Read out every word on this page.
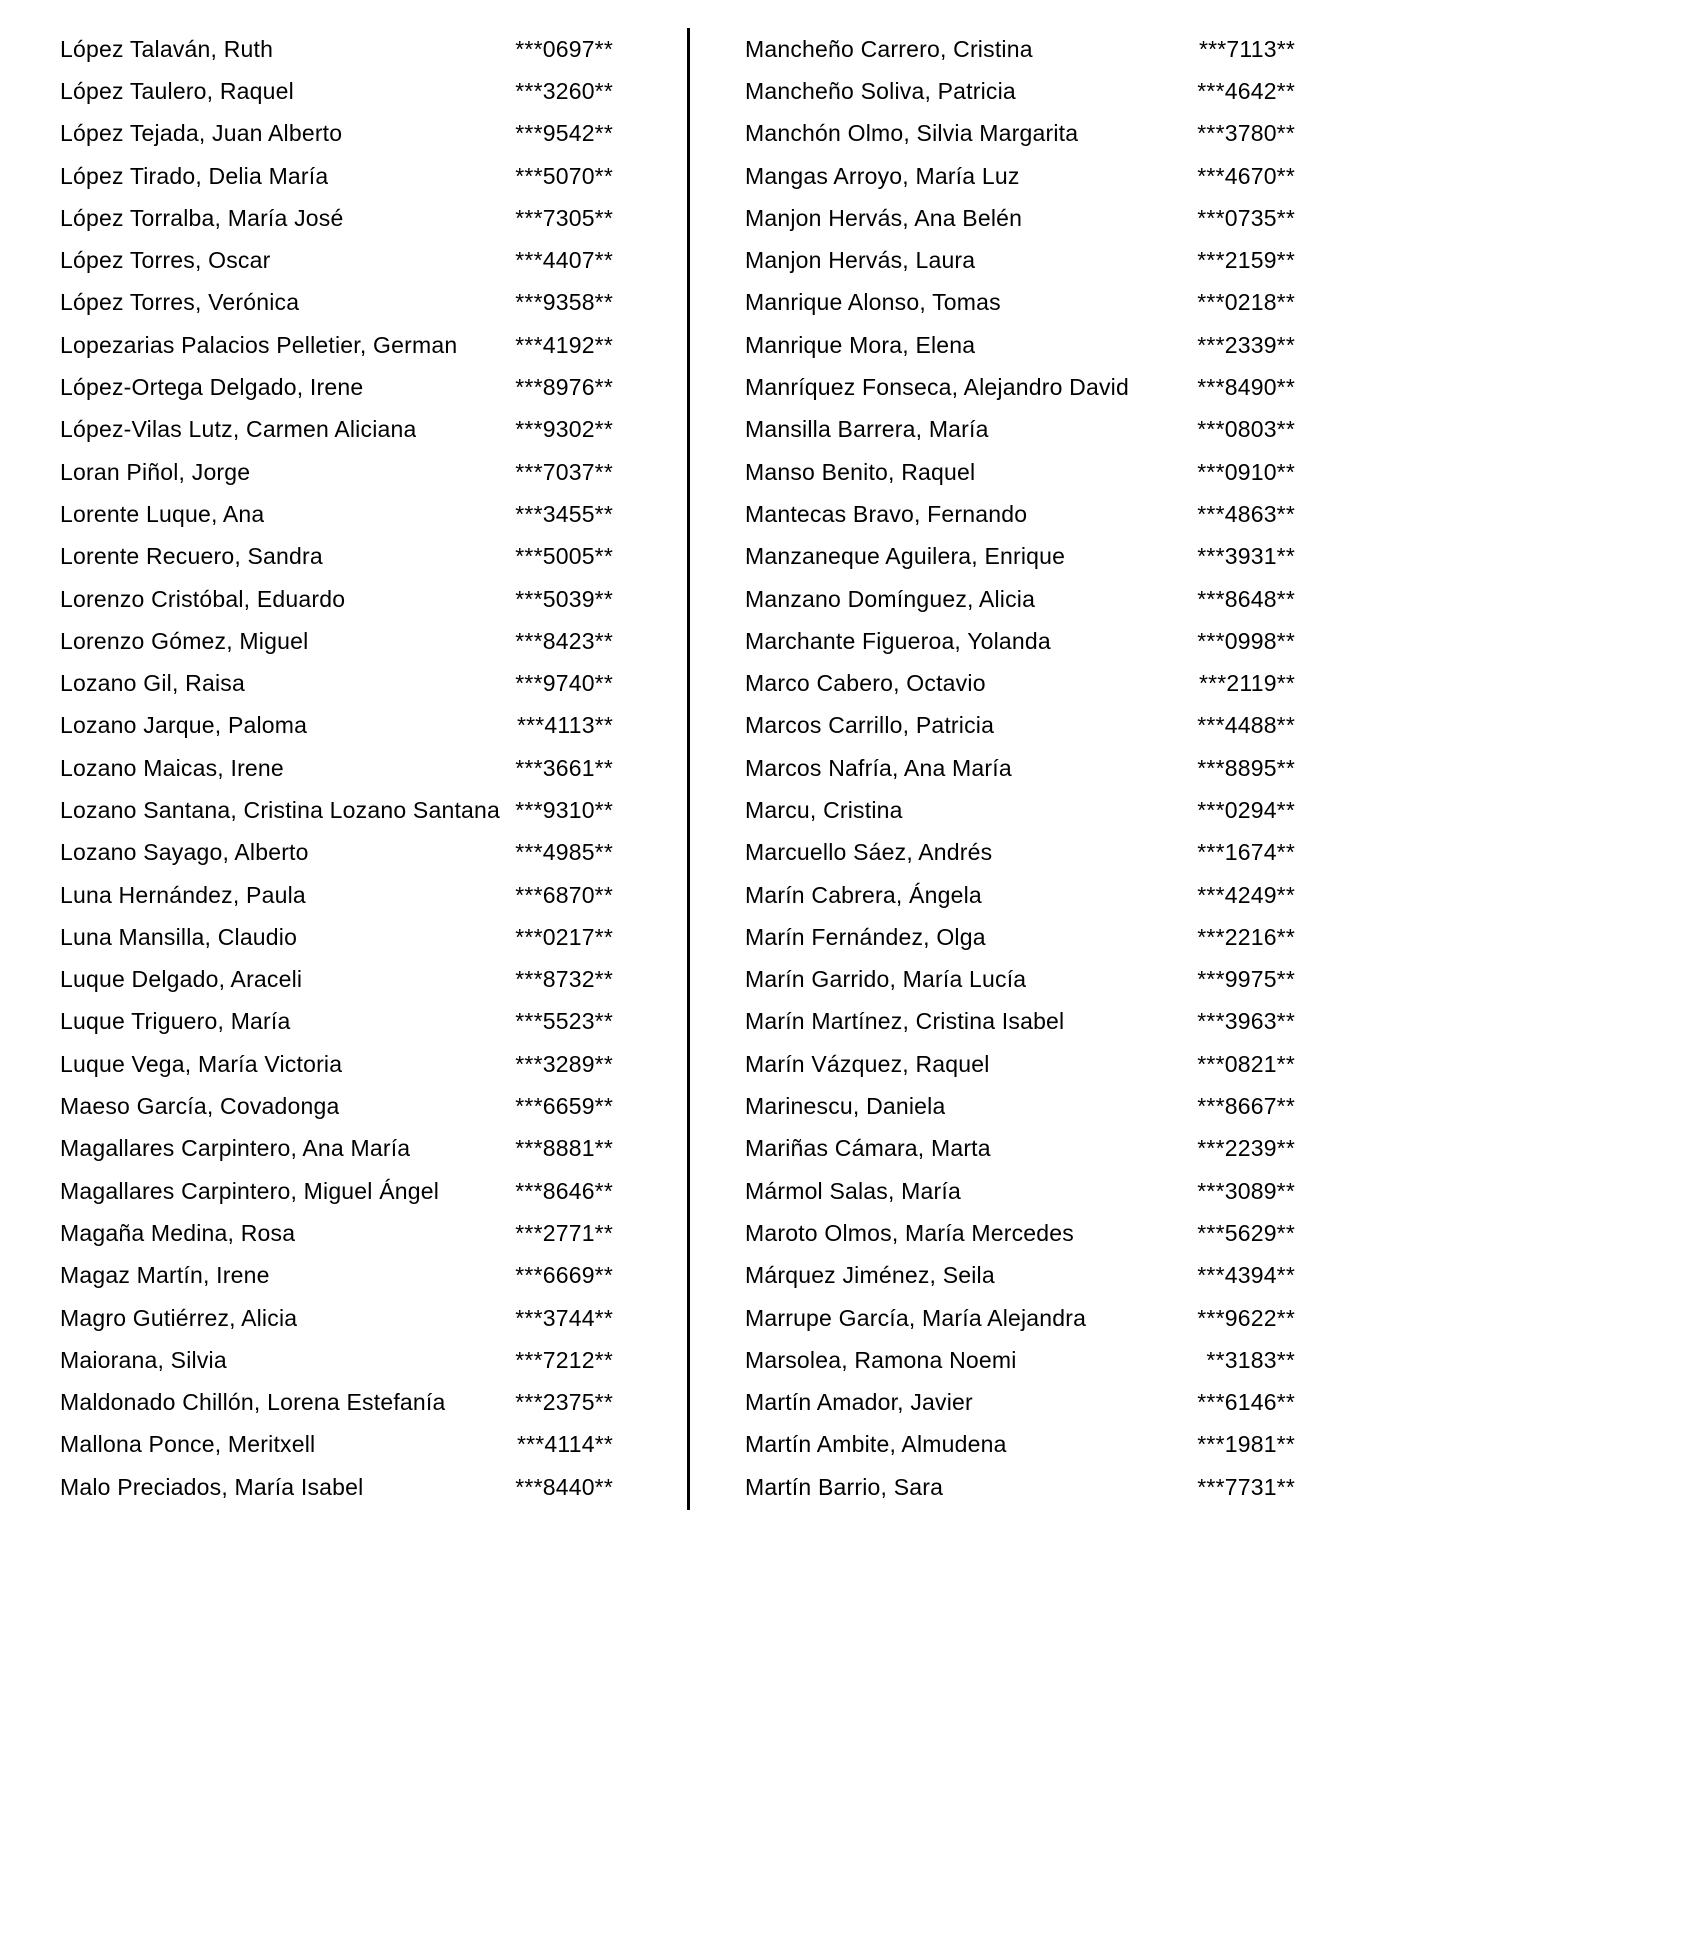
López Talaván, Ruth	***0697**
López Taulero, Raquel	***3260**
López Tejada, Juan Alberto	***9542**
López Tirado, Delia María	***5070**
López Torralba, María José	***7305**
López Torres, Oscar	***4407**
López Torres, Verónica	***9358**
Lopezarias Palacios Pelletier, German	***4192**
López-Ortega Delgado, Irene	***8976**
López-Vilas Lutz, Carmen Aliciana	***9302**
Loran Piñol, Jorge	***7037**
Lorente Luque, Ana	***3455**
Lorente Recuero, Sandra	***5005**
Lorenzo Cristóbal, Eduardo	***5039**
Lorenzo Gómez, Miguel	***8423**
Lozano Gil, Raisa	***9740**
Lozano Jarque, Paloma	***4113**
Lozano Maicas, Irene	***3661**
Lozano Santana, Cristina Lozano Santana ***9310**
Lozano Sayago, Alberto	***4985**
Luna Hernández, Paula	***6870**
Luna Mansilla, Claudio	***0217**
Luque Delgado, Araceli	***8732**
Luque Triguero, María	***5523**
Luque Vega, María Victoria	***3289**
Maeso García, Covadonga	***6659**
Magallares Carpintero, Ana María	***8881**
Magallares Carpintero, Miguel Ángel	***8646**
Magaña Medina, Rosa	***2771**
Magaz Martín, Irene	***6669**
Magro Gutiérrez, Alicia	***3744**
Maiorana, Silvia	***7212**
Maldonado Chillón, Lorena Estefanía	***2375**
Mallona Ponce, Meritxell	***4114**
Malo Preciados, María Isabel	***8440**
Mancheño Carrero, Cristina	***7113**
Mancheño Soliva, Patricia	***4642**
Manchón Olmo, Silvia Margarita	***3780**
Mangas Arroyo, María Luz	***4670**
Manjon Hervás, Ana Belén	***0735**
Manjon Hervás, Laura	***2159**
Manrique Alonso, Tomas	***0218**
Manrique Mora, Elena	***2339**
Manríquez Fonseca, Alejandro David	***8490**
Mansilla Barrera, María	***0803**
Manso Benito, Raquel	***0910**
Mantecas Bravo, Fernando	***4863**
Manzaneque Aguilera, Enrique	***3931**
Manzano Domínguez, Alicia	***8648**
Marchante Figueroa, Yolanda	***0998**
Marco Cabero, Octavio	***2119**
Marcos Carrillo, Patricia	***4488**
Marcos Nafría, Ana María	***8895**
Marcu, Cristina	***0294**
Marcuello Sáez, Andrés	***1674**
Marín Cabrera, Ángela	***4249**
Marín Fernández, Olga	***2216**
Marín Garrido, María Lucía	***9975**
Marín Martínez, Cristina Isabel	***3963**
Marín Vázquez, Raquel	***0821**
Marinescu, Daniela	***8667**
Mariñas Cámara, Marta	***2239**
Mármol Salas, María	***3089**
Maroto Olmos, María Mercedes	***5629**
Márquez Jiménez, Seila	***4394**
Marrupe García, María Alejandra	***9622**
Marsolea, Ramona Noemi	**3183**
Martín Amador, Javier	***6146**
Martín Ambite, Almudena	***1981**
Martín Barrio, Sara	***7731**
